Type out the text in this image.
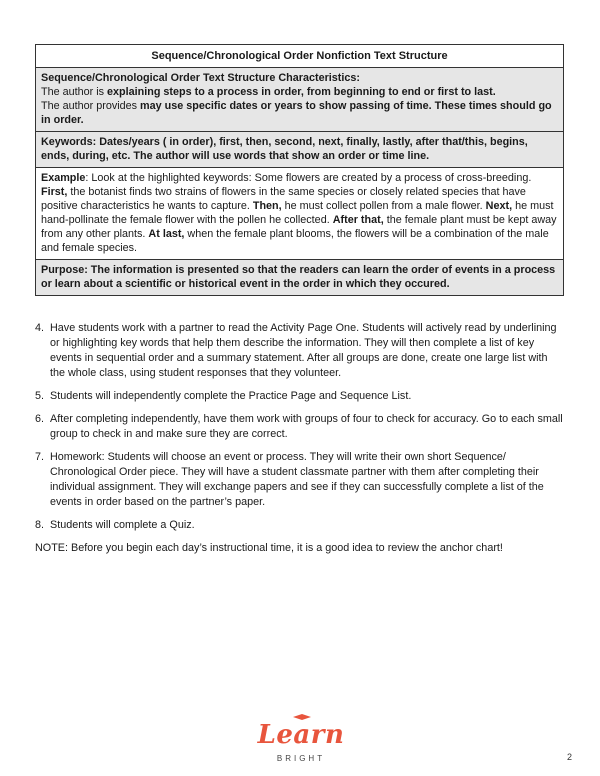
Sequence/Chronological Order Nonfiction Text Structure
Sequence/Chronological Order Text Structure Characteristics:
The author is explaining steps to a process in order, from beginning to end or first to last.
The author provides may use specific dates or years to show passing of time. These times should go in order.
Keywords: Dates/years ( in order), first, then, second, next, finally, lastly, after that/this, begins, ends, during, etc. The author will use words that show an order or time line.
Example: Look at the highlighted keywords: Some flowers are created by a process of cross-breeding.
First, the botanist finds two strains of flowers in the same species or closely related species that have positive characteristics he wants to capture. Then, he must collect pollen from a male flower. Next, he must hand-pollinate the female flower with the pollen he collected. After that, the female plant must be kept away from any other plants. At last, when the female plant blooms, the flowers will be a combination of the male and female species.
Purpose: The information is presented so that the readers can learn the order of events in a process or learn about a scientific or historical event in the order in which they occured.
4. Have students work with a partner to read the Activity Page One. Students will actively read by underlining or highlighting key words that help them describe the information. They will then complete a list of key events in sequential order and a summary statement. After all groups are done, create one large list with the whole class, using student responses that they volunteer.
5. Students will independently complete the Practice Page and Sequence List.
6. After completing independently, have them work with groups of four to check for accuracy. Go to each small group to check in and make sure they are correct.
7. Homework: Students will choose an event or process. They will write their own short Sequence/ Chronological Order piece. They will have a student classmate partner with them after completing their individual assignment. They will exchange papers and see if they can successfully complete a list of the events in order based on the partner’s paper.
8. Students will complete a Quiz.
NOTE: Before you begin each day’s instructional time, it is a good idea to review the anchor chart!
Learn
BRIGHT	2
